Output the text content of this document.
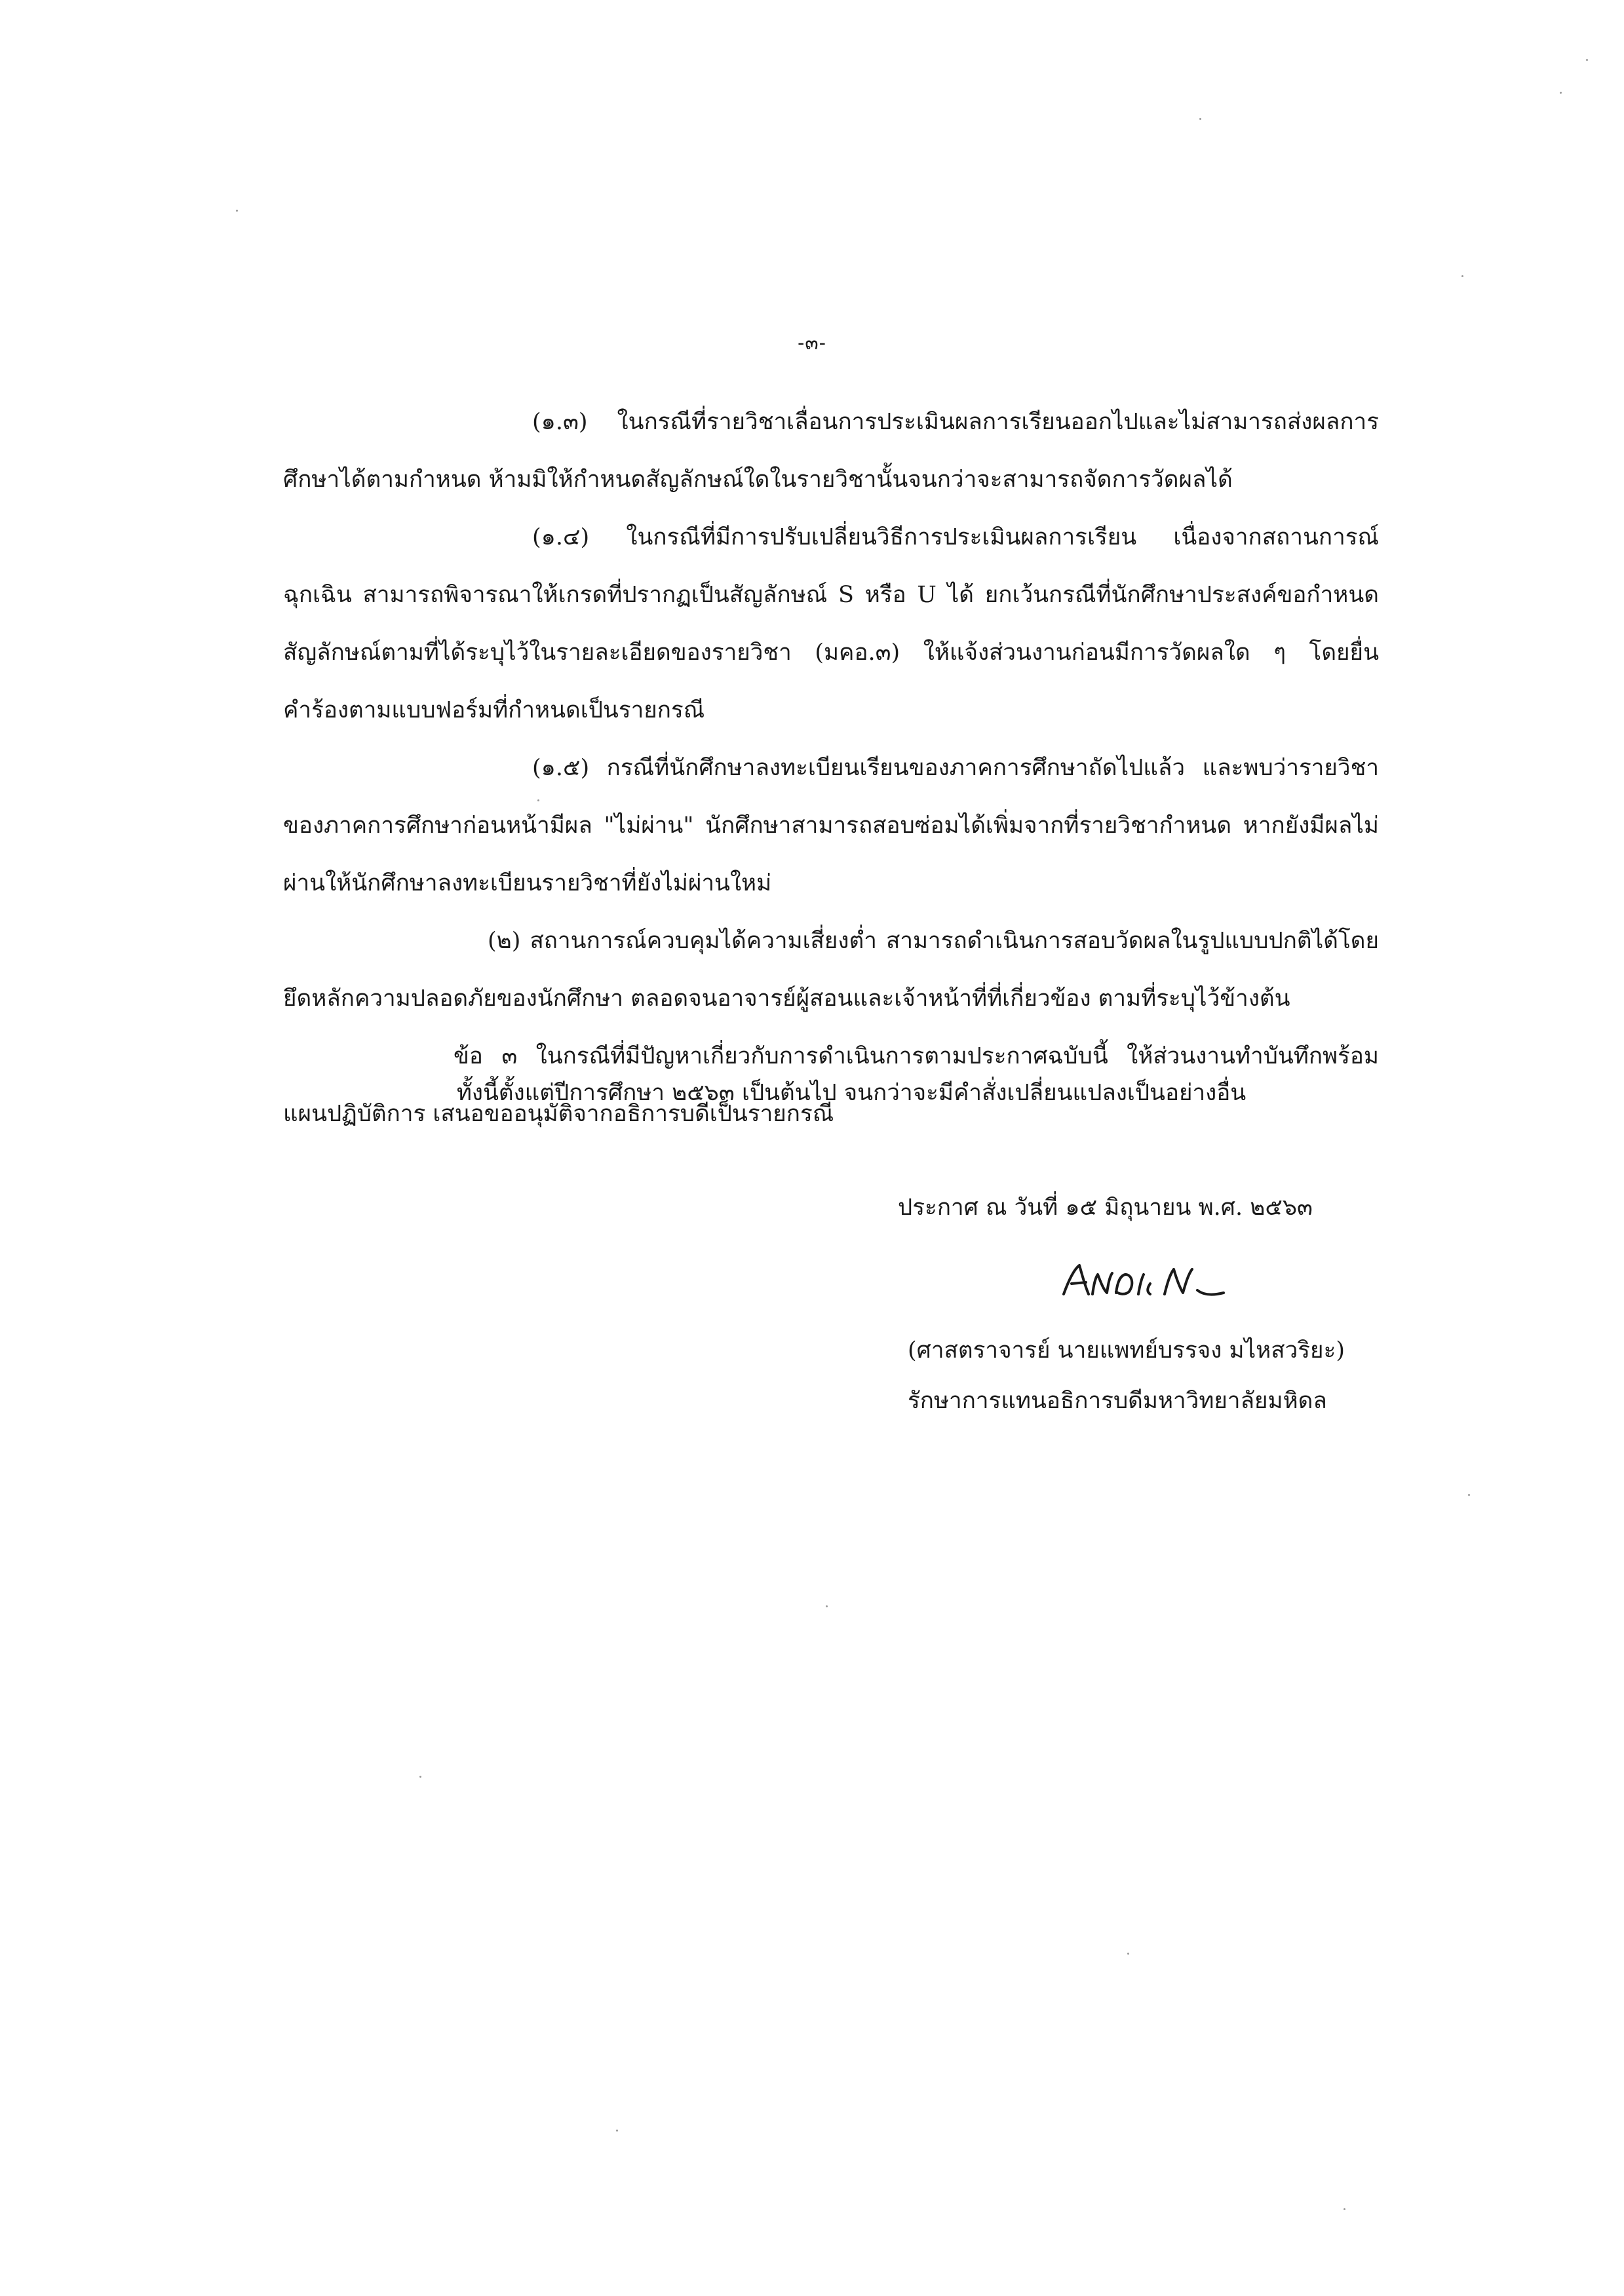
-๓-

(๑.๓) ในกรณีที่รายวิชาเลื่อนการประเมินผลการเรียนออกไปและไม่สามารถส่งผลการศึกษาได้ตามกำหนด ห้ามมิให้กำหนดสัญลักษณ์ใดในรายวิชานั้นจนกว่าจะสามารถจัดการวัดผลได้

(๑.๔) ในกรณีที่มีการปรับเปลี่ยนวิธีการประเมินผลการเรียน เนื่องจากสถานการณ์ฉุกเฉิน สามารถพิจารณาให้เกรดที่ปรากฏเป็นสัญลักษณ์ S หรือ U ได้ ยกเว้นกรณีที่นักศึกษาประสงค์ขอกำหนดสัญลักษณ์ตามที่ได้ระบุไว้ในรายละเอียดของรายวิชา (มคอ.๓) ให้แจ้งส่วนงานก่อนมีการวัดผลใด ๆ โดยยื่นคำร้องตามแบบฟอร์มที่กำหนดเป็นรายกรณี

(๑.๕) กรณีที่นักศึกษาลงทะเบียนเรียนของภาคการศึกษาถัดไปแล้ว และพบว่ารายวิชาของภาคการศึกษาก่อนหน้ามีผล "ไม่ผ่าน" นักศึกษาสามารถสอบซ่อมได้เพิ่มจากที่รายวิชากำหนด หากยังมีผลไม่ผ่านให้นักศึกษาลงทะเบียนรายวิชาที่ยังไม่ผ่านใหม่

(๒) สถานการณ์ควบคุมได้ความเสี่ยงต่ำ สามารถดำเนินการสอบวัดผลในรูปแบบปกติได้โดยยึดหลักความปลอดภัยของนักศึกษา ตลอดจนอาจารย์ผู้สอนและเจ้าหน้าที่ที่เกี่ยวข้อง ตามที่ระบุไว้ข้างต้น

ข้อ ๓ ในกรณีที่มีปัญหาเกี่ยวกับการดำเนินการตามประกาศฉบับนี้ ให้ส่วนงานทำบันทึกพร้อมแผนปฏิบัติการ เสนอขออนุมัติจากอธิการบดีเป็นรายกรณี

ทั้งนี้ตั้งแต่ปีการศึกษา ๒๕๖๓ เป็นต้นไป จนกว่าจะมีคำสั่งเปลี่ยนแปลงเป็นอย่างอื่น
ประกาศ ณ วันที่ ๑๕ มิถุนายน พ.ศ. ๒๕๖๓
(ศาสตราจารย์ นายแพทย์บรรจง มไหสวริยะ)
รักษาการแทนอธิการบดีมหาวิทยาลัยมหิดล
